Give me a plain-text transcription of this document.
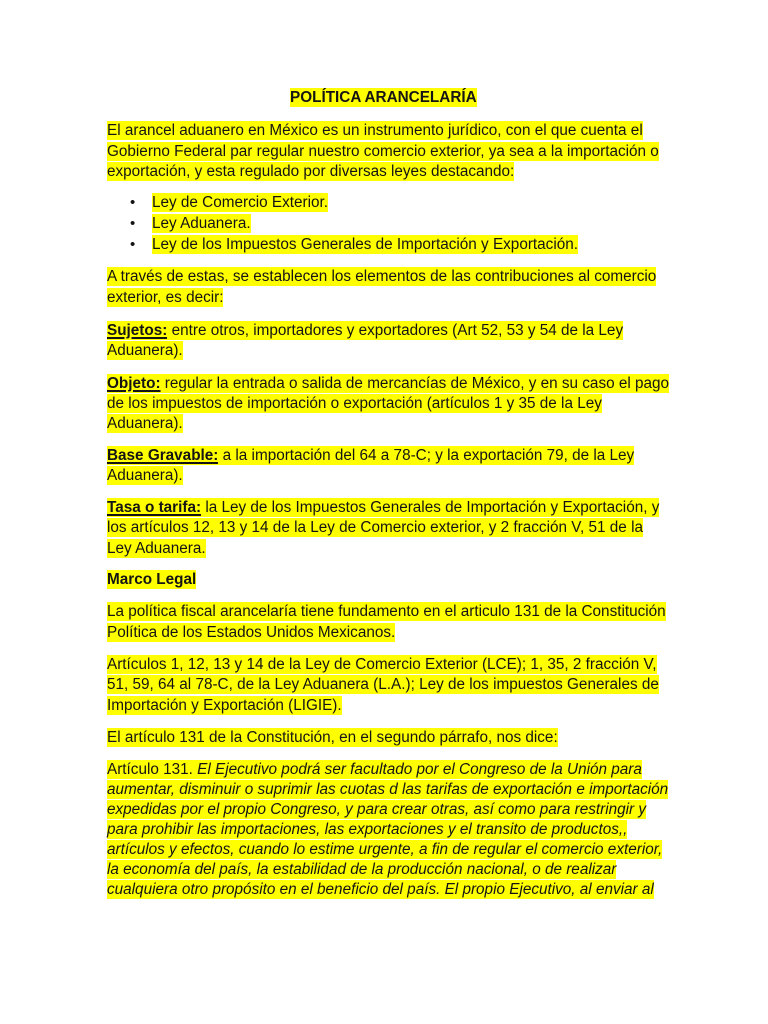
POLÍTICA ARANCELARÍA
El arancel aduanero en México es un instrumento jurídico, con el que cuenta el
Gobierno Federal par regular nuestro comercio exterior, ya sea a la importación o
exportación, y esta regulado por diversas leyes destacando:
• Ley de Comercio Exterior.
• Ley Aduanera.
• Ley de los Impuestos Generales de Importación y Exportación.
A través de estas, se establecen los elementos de las contribuciones al comercio
exterior, es decir:
Sujetos: entre otros, importadores y exportadores (Art 52, 53 y 54 de la Ley
Aduanera).
Objeto: regular la entrada o salida de mercancías de México, y en su caso el pago
de los impuestos de importación o exportación (artículos 1 y 35 de la Ley
Aduanera).
Base Gravable: a la importación del 64 a 78-C; y la exportación 79, de la Ley
Aduanera).
Tasa o tarifa: la Ley de los Impuestos Generales de Importación y Exportación, y
los artículos 12, 13 y 14 de la Ley de Comercio exterior, y 2 fracción V, 51 de la
Ley Aduanera.
Marco Legal
La política fiscal arancelaría tiene fundamento en el articulo 131 de la Constitución
Política de los Estados Unidos Mexicanos.
Artículos 1, 12, 13 y 14 de la Ley de Comercio Exterior (LCE); 1, 35, 2 fracción V,
51, 59, 64 al 78-C, de la Ley Aduanera (L.A.); Ley de los impuestos Generales de
Importación y Exportación (LIGIE).
El artículo 131 de la Constitución, en el segundo párrafo, nos dice:
Artículo 131. El Ejecutivo podrá ser facultado por el Congreso de la Unión para
aumentar, disminuir o suprimir las cuotas d las tarifas de exportación e importación
expedidas por el propio Congreso, y para crear otras, así como para restringir y
para prohibir las importaciones, las exportaciones y el transito de productos,,
artículos y efectos, cuando lo estime urgente, a fin de regular el comercio exterior,
la economía del país, la estabilidad de la producción nacional, o de realizar
cualquiera otro propósito en el beneficio del país. El propio Ejecutivo, al enviar al
